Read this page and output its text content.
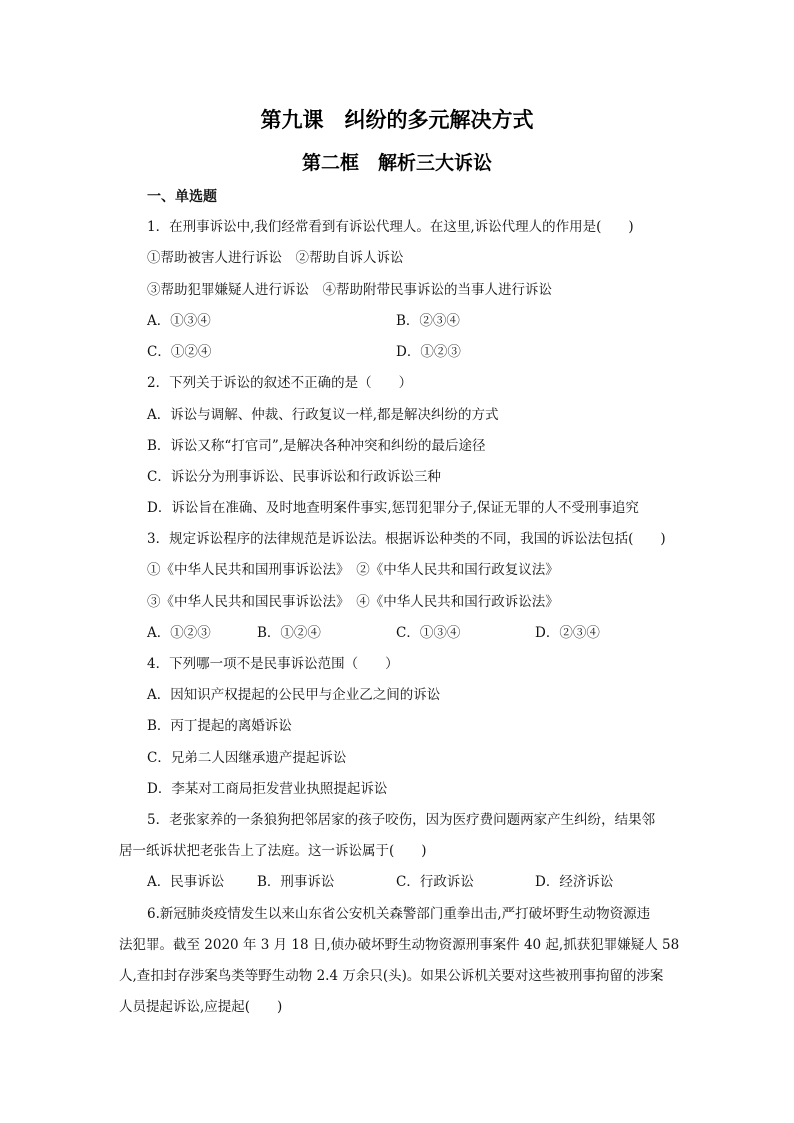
第九课　纠纷的多元解决方式
第二框　解析三大诉讼
一、单选题
1．在刑事诉讼中,我们经常看到有诉讼代理人。在这里,诉讼代理人的作用是(　　)
①帮助被害人进行诉讼　②帮助自诉人诉讼
③帮助犯罪嫌疑人进行诉讼　④帮助附带民事诉讼的当事人进行诉讼
A．①③④	B．②③④
C．①②④	D．①②③
2．下列关于诉讼的叙述不正确的是（　　）
A．诉讼与调解、仲裁、行政复议一样,都是解决纠纷的方式
B．诉讼又称“打官司”,是解决各种冲突和纠纷的最后途径
C．诉讼分为刑事诉讼、民事诉讼和行政诉讼三种
D．诉讼旨在准确、及时地查明案件事实,惩罚犯罪分子,保证无罪的人不受刑事追究
3．规定诉讼程序的法律规范是诉讼法。根据诉讼种类的不同，我国的诉讼法包括(　　)
①《中华人民共和国刑事诉讼法》　②《中华人民共和国行政复议法》
③《中华人民共和国民事诉讼法》　④《中华人民共和国行政诉讼法》
A．①②③	B．①②④	C．①③④	D．②③④
4．下列哪一项不是民事诉讼范围（　　）
A．因知识产权提起的公民甲与企业乙之间的诉讼
B．丙丁提起的离婚诉讼
C．兄弟二人因继承遗产提起诉讼
D．李某对工商局拒发营业执照提起诉讼
5．老张家养的一条狼狗把邻居家的孩子咬伤，因为医疗费问题两家产生纠纷，结果邻
居一纸诉状把老张告上了法庭。这一诉讼属于(　　)
A．民事诉讼 B．刑事诉讼	C．行政诉讼	D．经济诉讼
6.新冠肺炎疫情发生以来山东省公安机关森警部门重拳出击,严打破坏野生动物资源违
法犯罪。截至 2020 年 3 月 18 日,侦办破坏野生动物资源刑事案件 40 起,抓获犯罪嫌疑人 58
人,查扣封存涉案鸟类等野生动物 2.4 万余只(头)。如果公诉机关要对这些被刑事拘留的涉案
人员提起诉讼,应提起(　　)
